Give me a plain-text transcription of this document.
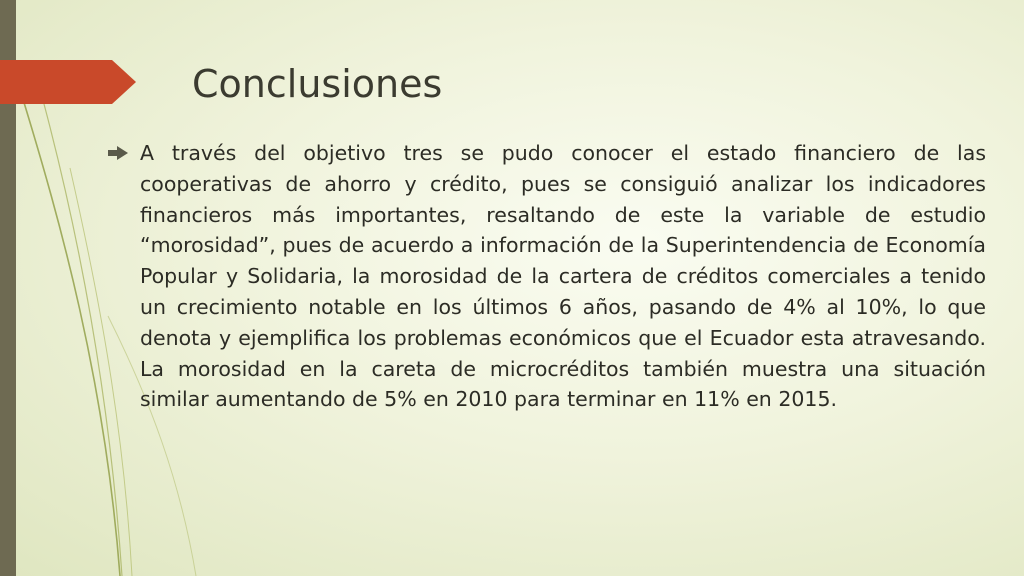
Conclusiones

A través del objetivo tres se pudo conocer el estado financiero de las cooperativas de ahorro y crédito, pues se consiguió analizar los indicadores financieros más importantes, resaltando de este la variable de estudio “morosidad”, pues de acuerdo a información de la Superintendencia de Economía Popular y Solidaria, la morosidad de la cartera de créditos comerciales a tenido un crecimiento notable en los últimos 6 años, pasando de 4% al 10%, lo que denota y ejemplifica los problemas económicos que el Ecuador esta atravesando. La morosidad en la careta de microcréditos también muestra una situación similar aumentando de 5% en 2010 para terminar en 11% en 2015.
